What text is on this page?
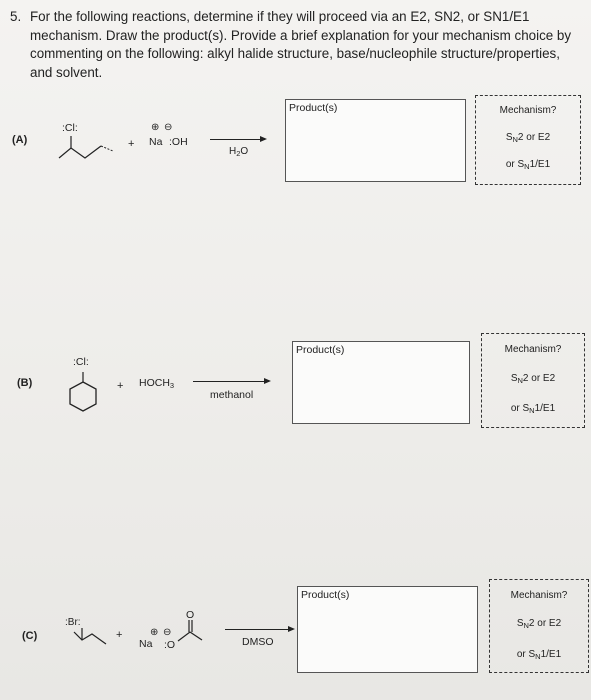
5. For the following reactions, determine if they will proceed via an E2, SN2, or SN1/E1 mechanism. Draw the product(s). Provide a brief explanation for your mechanism choice by commenting on the following: alkyl halide structure, base/nucleophile structure/properties, and solvent.
(A)
:Cl:
+
⊕ ⊖
Na :OH
$H_2O$
Product(s)	Mechanism?
$S_N2$ or E2
or $S_N1/E1$
(B)
:Cl:
+ $HOCH_3$
methanol
Product(s)	Mechanism?
$S_N2$ or E2
or $S_N1/E1$
(C)
:Br:
+	⊕ ⊖
Na :O
O
DMSO
Product(s)	Mechanism?
$S_N2$ or E2
or $S_N1/E1$
